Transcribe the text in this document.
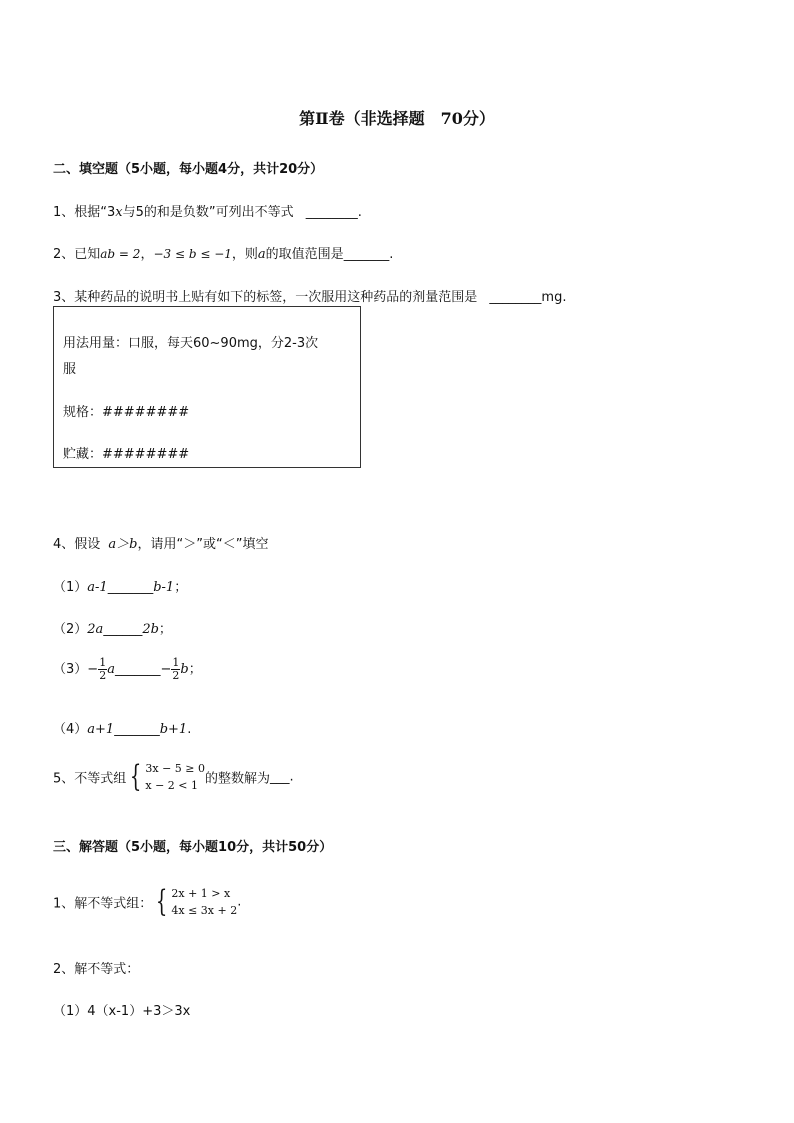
第Ⅱ卷（非选择题　70分）
二、填空题（5小题，每小题4分，共计20分）
1、根据“3x与5的和是负数”可列出不等式 ________.
2、已知ab = 2，−3 ≤ b ≤ −1，则a的取值范围是_______.
3、某种药品的说明书上贴有如下的标签，一次服用这种药品的剂量范围是 ________mg.
用法用量：口服，每天60~90mg，分2-3次
服
规格：########
贮藏：########
4、假设 a＞b，请用“＞”或“＜”填空
（1）a-1_______b-1；
（2）2a______2b；
$(3)- \frac{1}{2}$ a_______− $\frac{1}{2}$ b；
（4）a+1_______b+1.
5、不等式组 { 3x − 5 ≥ 0
x − 2 < 1 的整数解为___.
三、解答题（5小题，每小题10分，共计50分）
1、解不等式组： { 2x + 1 > x
4x ≤ 3x + 2
.
2、解不等式：
（1）4（x-1）+3＞3x
